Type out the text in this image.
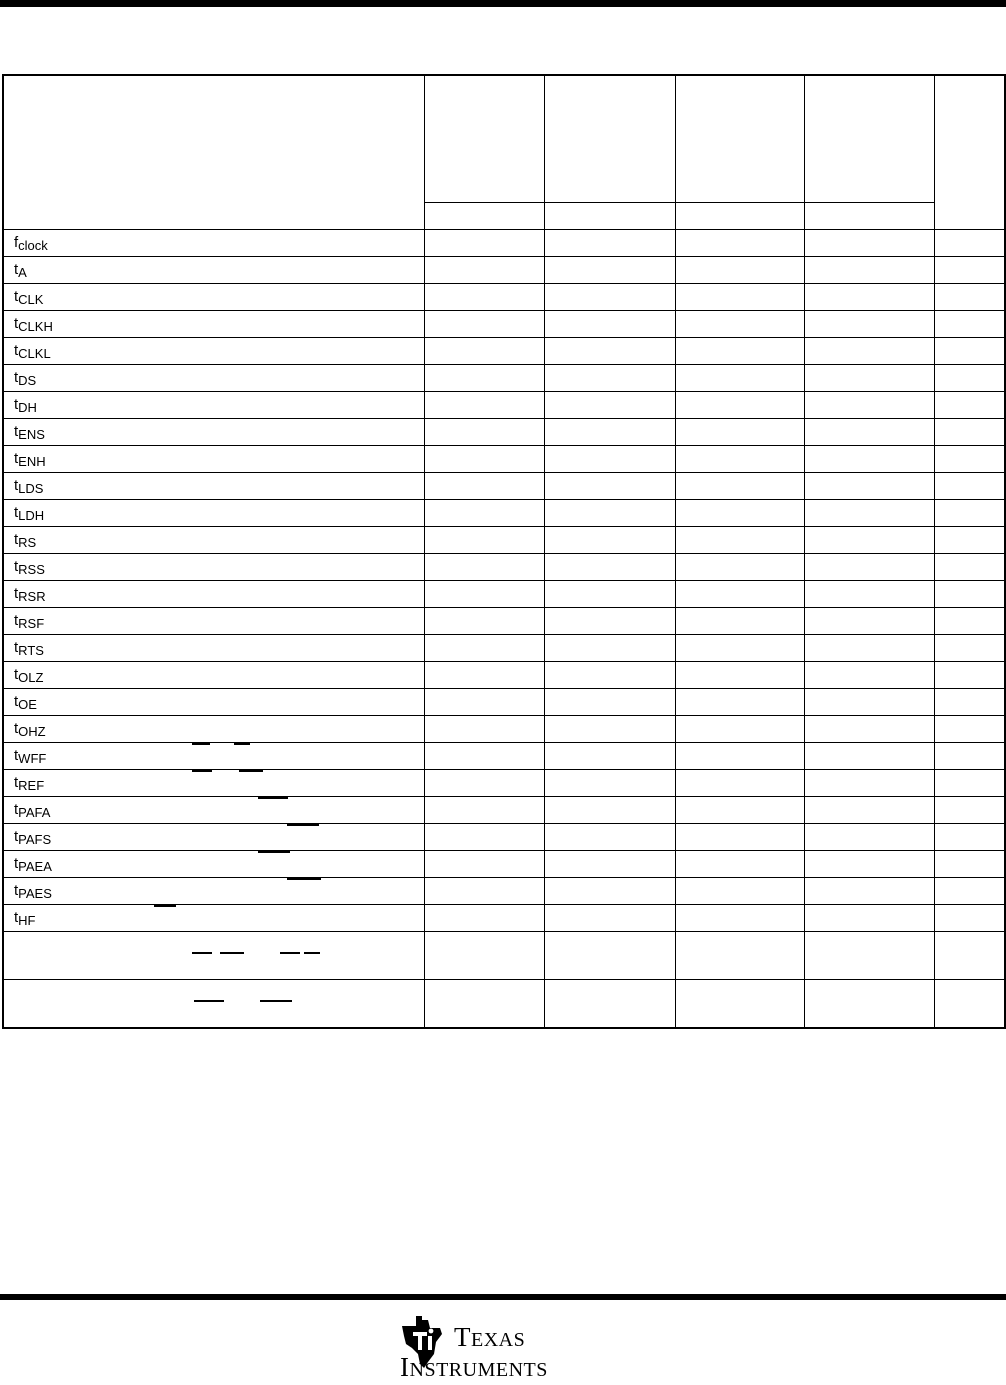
$f_{clock}$					
$t_A$					
$t_{CLK}$					
$t_{CLKH}$					
$t_{CLKL}$					
$t_{DS}$					
$t_{DH}$					
$t_{ENS}$					
$t_{ENH}$					
$t_{LDS}$					
$t_{LDH}$					
$t_{RS}$					
$t_{RSS}$					
$t_{RSR}$					
$t_{RSF}$					
$t_{RTS}$					
$t_{OLZ}$					
$t_{OE}$					
$t_{OHZ}$					
$t_{WFF}$

$t_{REF}$

$t_{PAFA}$

$t_{PAFS}$

$t_{PAEA}$

$t_{PAES}$

$t_{HF}$

TEXAS
INSTRUMENTS
